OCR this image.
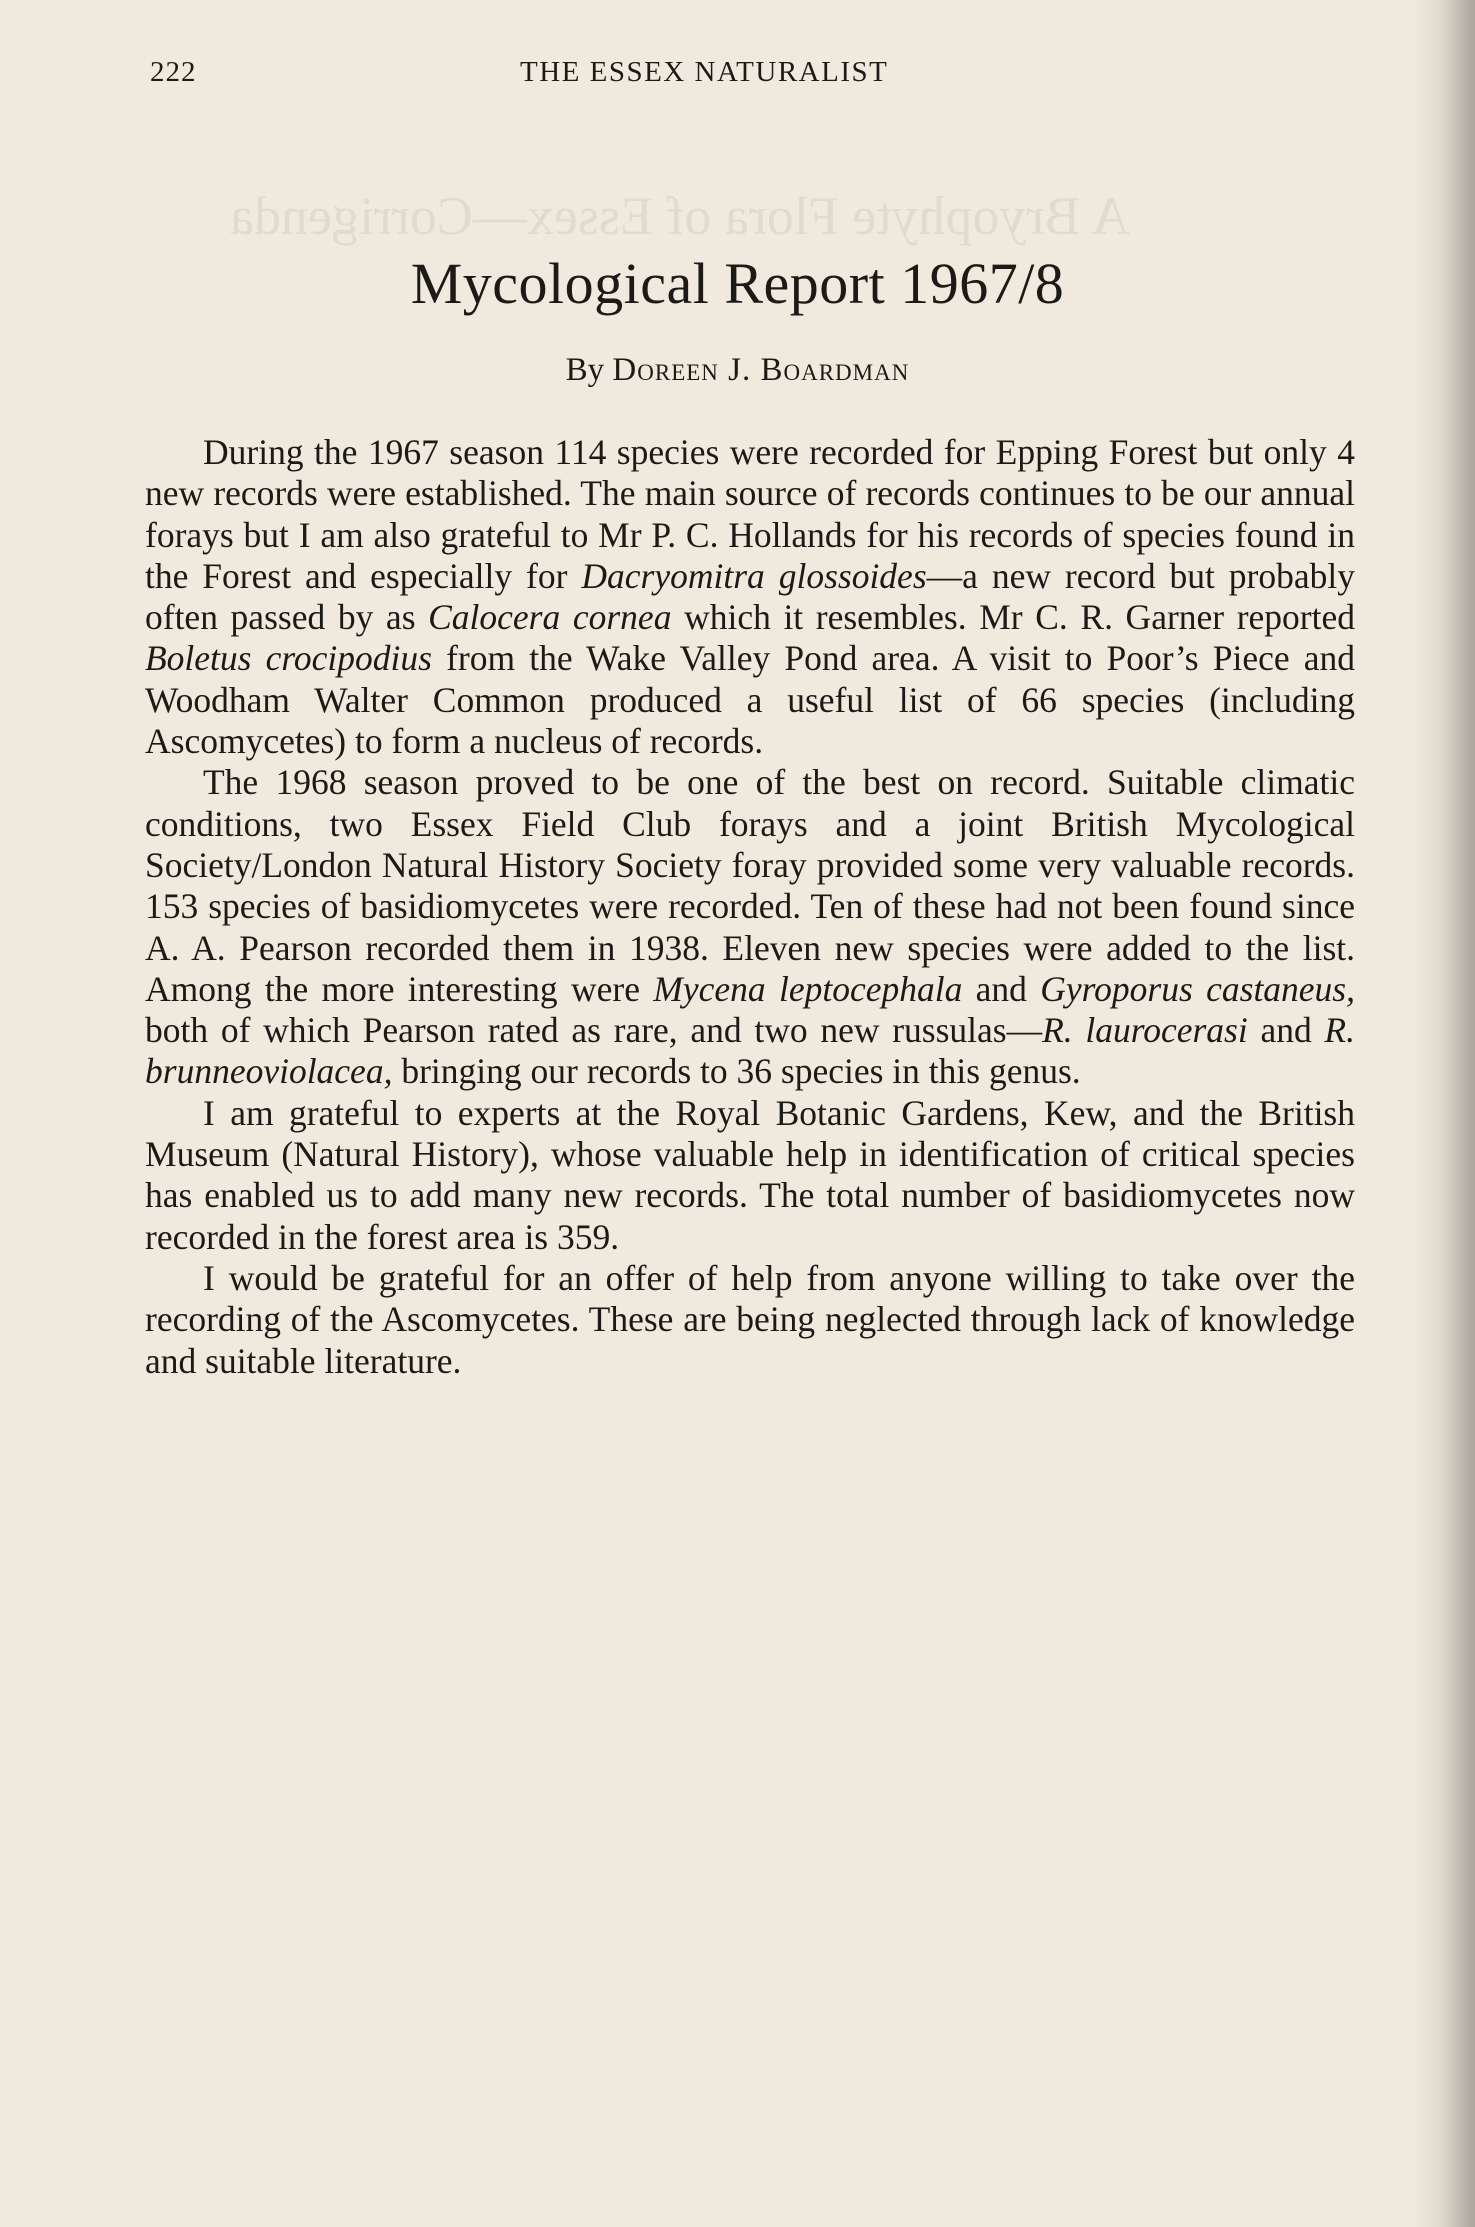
A Bryophyte Flora of Essex—Corrigenda
222	THE ESSEX NATURALIST
Mycological Report 1967/8
By Doreen J. Boardman

During the 1967 season 114 species were recorded for Epping Forest but only 4 new records were established. The main source of records continues to be our annual forays but I am also grateful to Mr P. C. Hollands for his records of species found in the Forest and especially for Dacryomitra glossoides—a new record but probably often passed by as Calocera cornea which it resembles. Mr C. R. Garner reported Boletus crocipodius from the Wake Valley Pond area. A visit to Poor’s Piece and Woodham Walter Common produced a useful list of 66 species (including Ascomycetes) to form a nucleus of records.

The 1968 season proved to be one of the best on record. Suitable climatic conditions, two Essex Field Club forays and a joint British Mycological Society/London Natural History Society foray provided some very valuable records. 153 species of basidiomycetes were recorded. Ten of these had not been found since A. A. Pearson recorded them in 1938. Eleven new species were added to the list. Among the more interesting were Mycena leptocephala and Gyroporus castaneus, both of which Pearson rated as rare, and two new russulas—R. laurocerasi and R. brunneoviolacea, bringing our records to 36 species in this genus.

I am grateful to experts at the Royal Botanic Gardens, Kew, and the British Museum (Natural History), whose valuable help in identification of critical species has enabled us to add many new records. The total number of basidiomycetes now recorded in the forest area is 359.

I would be grateful for an offer of help from anyone willing to take over the recording of the Ascomycetes. These are being neglected through lack of knowledge and suitable literature.
